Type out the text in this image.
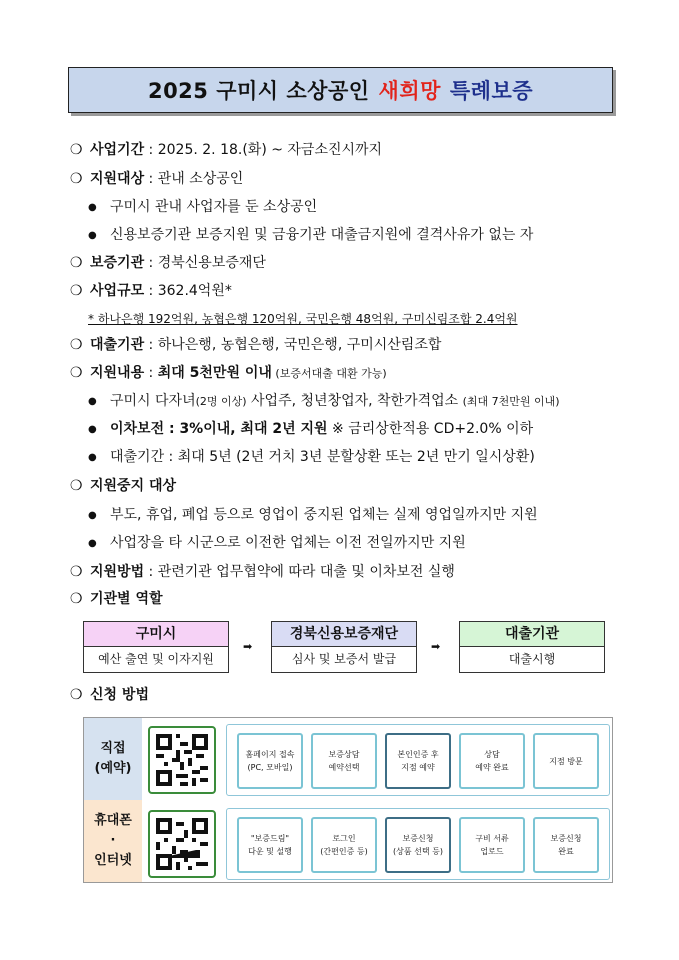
2025 구미시 소상공인 새희망 특례보증
❍ 사업기간 : 2025. 2. 18.(화) ~ 자금소진시까지
❍ 지원대상 : 관내 소상공인
● 구미시 관내 사업자를 둔 소상공인
● 신용보증기관 보증지원 및 금융기관 대출금지원에 결격사유가 없는 자
❍ 보증기관 : 경북신용보증재단
❍ 사업규모 : 362.4억원*
* 하나은행 192억원, 농협은행 120억원, 국민은행 48억원, 구미신림조합 2.4억원
❍ 대출기관 : 하나은행, 농협은행, 국민은행, 구미시산림조합
❍ 지원내용 : 최대 5천만원 이내 (보증서대출 대환 가능)
● 구미시 다자녀(2명 이상) 사업주, 청년창업자, 착한가격업소 (최대 7천만원 이내)
● 이차보전 : 3%이내, 최대 2년 지원 ※ 금리상한적용 CD+2.0% 이하
● 대출기간 : 최대 5년 (2년 거치 3년 분할상환 또는 2년 만기 일시상환)
❍ 지원중지 대상
● 부도, 휴업, 폐업 등으로 영업이 중지된 업체는 실제 영업일까지만 지원
● 사업장을 타 시군으로 이전한 업체는 이전 전일까지만 지원
❍ 지원방법 : 관련기관 업무협약에 따라 대출 및 이차보전 실행
❍ 기관별 역할
구미시
예산 출연 및 이자지원
➡
경북신용보증재단
심사 및 보증서 발급
➡
대출기관
대출시행
❍ 신청 방법
직접
(예약)
홈페이지 접속
(PC, 모바일)
보증상담
예약선택
본인인증 후
지점 예약
상담
예약 완료
지점 방문
휴대폰
·
인터넷
"보증드림"
다운 및 설행
로그인
(간편인증 등)
보증신청
(상품 선택 등)
구비 서류
업로드
보증신청
완료
